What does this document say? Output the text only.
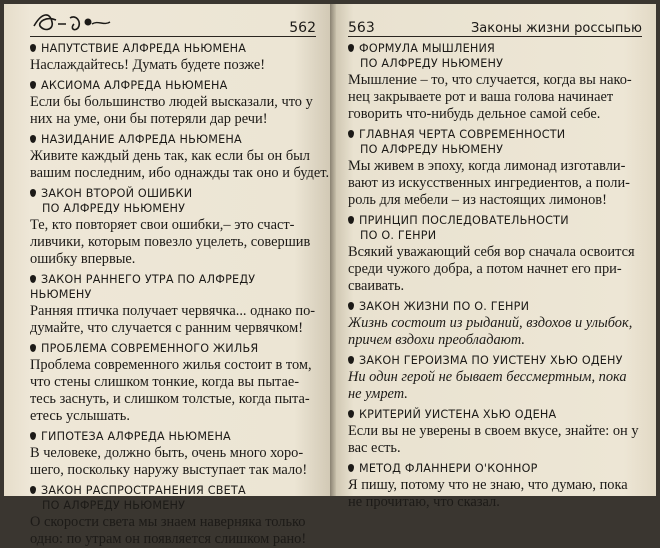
562
НАПУТСТВИЕ АЛФРЕДА НЬЮМЕНА
Наслаждайтесь! Думать будете позже!
АКСИОМА АЛФРЕДА НЬЮМЕНА
Если бы большинство людей высказали, что у
них на уме, они бы потеряли дар речи!
НАЗИДАНИЕ АЛФРЕДА НЬЮМЕНА
Живите каждый день так, как если бы он был
вашим последним, ибо однажды так оно и будет.
ЗАКОН ВТОРОЙ ОШИБКИ
ПО АЛФРЕДУ НЬЮМЕНУ
Те, кто повторяет свои ошибки,– это счаст-
ливчики, которым повезло уцелеть, совершив
ошибку впервые.
ЗАКОН РАННЕГО УТРА ПО АЛФРЕДУ НЬЮМЕНУ
Ранняя птичка получает червячка... однако по-
думайте, что случается с ранним червячком!
ПРОБЛЕМА СОВРЕМЕННОГО ЖИЛЬЯ
Проблема современного жилья состоит в том,
что стены слишком тонкие, когда вы пытае-
тесь заснуть, и слишком толстые, когда пыта-
етесь услышать.
ГИПОТЕЗА АЛФРЕДА НЬЮМЕНА
В человеке, должно быть, очень много хоро-
шего, поскольку наружу выступает так мало!
ЗАКОН РАСПРОСТРАНЕНИЯ СВЕТА
ПО АЛФРЕДУ НЬЮМЕНУ
О скорости света мы знаем наверняка только
одно: по утрам он появляется слишком рано!
563	Законы жизни россыпью
ФОРМУЛА МЫШЛЕНИЯ
ПО АЛФРЕДУ НЬЮМЕНУ
Мышление – то, что случается, когда вы нако-
нец закрываете рот и ваша голова начинает
говорить что-нибудь дельное самой себе.
ГЛАВНАЯ ЧЕРТА СОВРЕМЕННОСТИ
ПО АЛФРЕДУ НЬЮМЕНУ
Мы живем в эпоху, когда лимонад изготавли-
вают из искусственных ингредиентов, а поли-
роль для мебели – из настоящих лимонов!
ПРИНЦИП ПОСЛЕДОВАТЕЛЬНОСТИ
ПО О. ГЕНРИ
Всякий уважающий себя вор сначала освоится
среди чужого добра, а потом начнет его при-
сваивать.
ЗАКОН ЖИЗНИ ПО О. ГЕНРИ
Жизнь состоит из рыданий, вздохов и улыбок,
причем вздохи преобладают.
ЗАКОН ГЕРОИЗМА ПО УИСТЕНУ ХЬЮ ОДЕНУ
Ни один герой не бывает бессмертным, пока
не умрет.
КРИТЕРИЙ УИСТЕНА ХЬЮ ОДЕНА
Если вы не уверены в своем вкусе, знайте: он у
вас есть.
МЕТОД ФЛАННЕРИ О'КОННОР
Я пишу, потому что не знаю, что думаю, пока
не прочитаю, что сказал.
